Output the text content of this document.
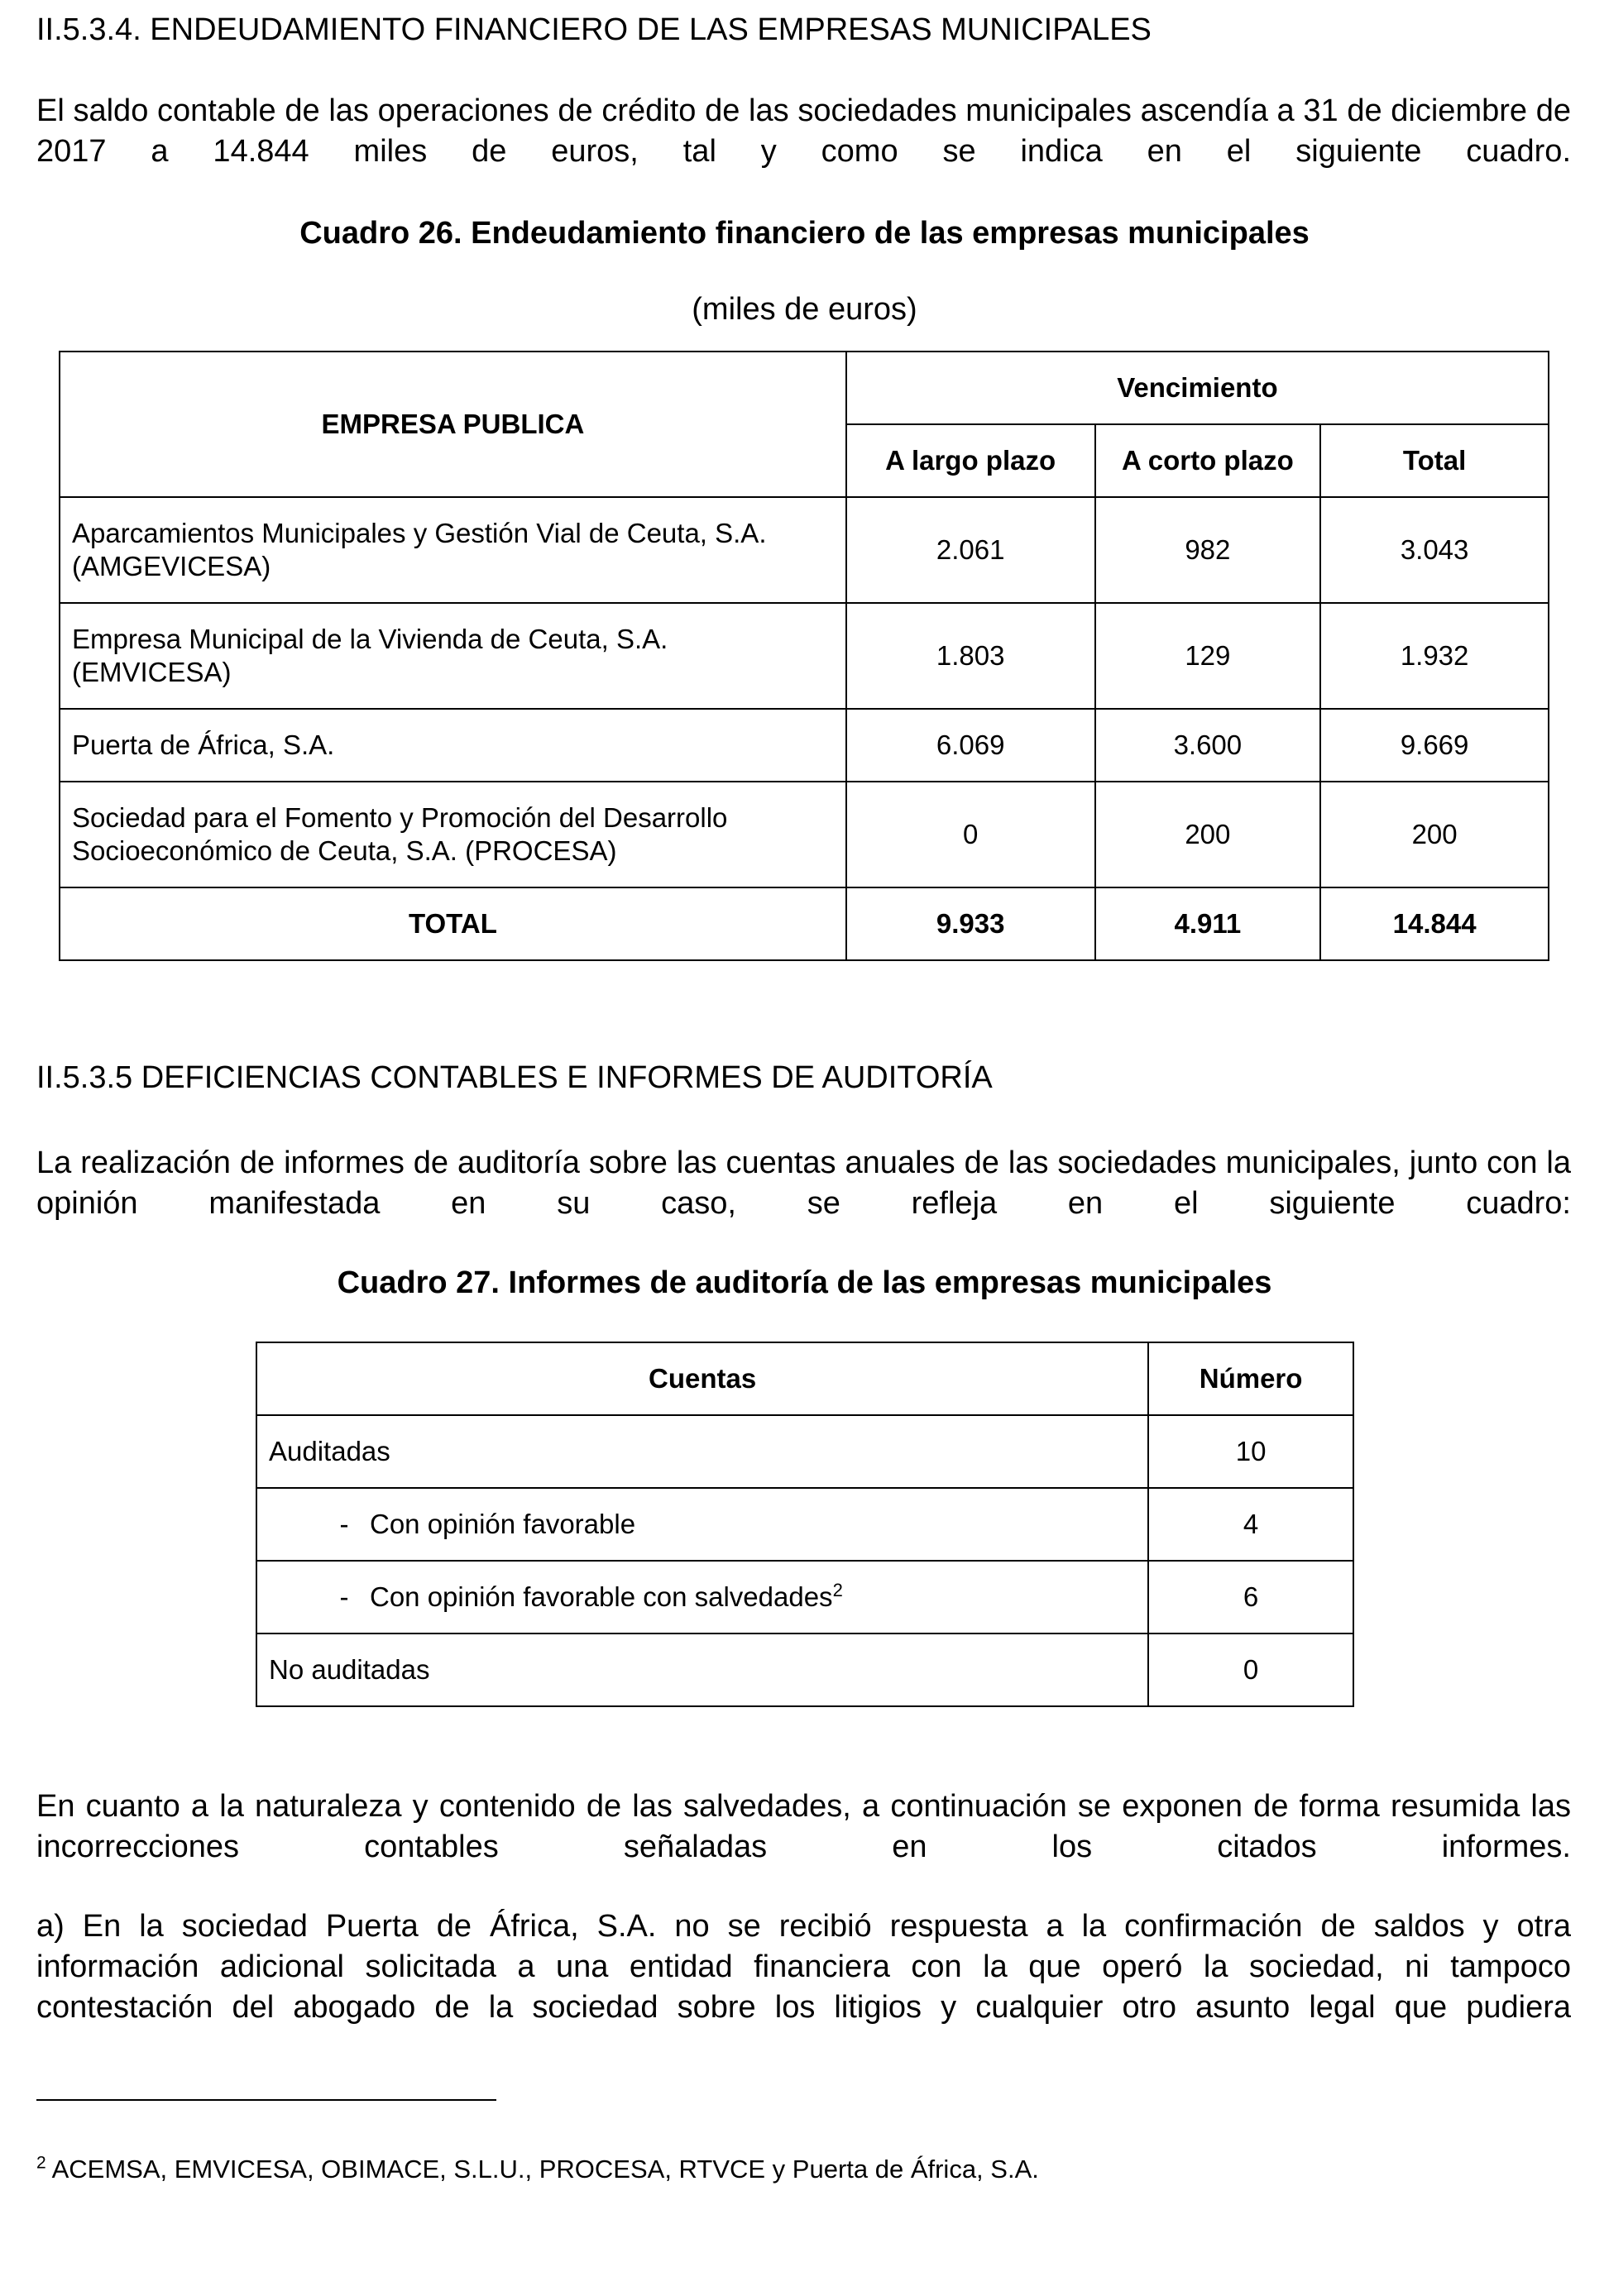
II.5.3.4. ENDEUDAMIENTO FINANCIERO DE LAS EMPRESAS MUNICIPALES
El saldo contable de las operaciones de crédito de las sociedades municipales ascendía a 31 de diciembre de 2017 a 14.844 miles de euros, tal y como se indica en el siguiente cuadro.
Cuadro 26. Endeudamiento financiero de las empresas municipales
(miles de euros)
EMPRESA PUBLICA	Vencimiento		
	A largo plazo	A corto plazo	Total
Aparcamientos Municipales y Gestión Vial de Ceuta, S.A.
(AMGEVICESA)	2.061	982	3.043
Empresa Municipal de la Vivienda de Ceuta, S.A.
(EMVICESA)	1.803	129	1.932
Puerta de África, S.A.	6.069	3.600	9.669
Sociedad para el Fomento y Promoción del Desarrollo
Socioeconómico de Ceuta, S.A. (PROCESA)	0	200	200
TOTAL	9.933	4.911	14.844
II.5.3.5 DEFICIENCIAS CONTABLES E INFORMES DE AUDITORÍA
La realización de informes de auditoría sobre las cuentas anuales de las sociedades municipales, junto con la opinión manifestada en su caso, se refleja en el siguiente cuadro:
Cuadro 27. Informes de auditoría de las empresas municipales
Cuentas	Número
Auditadas	10
- Con opinión favorable	4
- Con opinión favorable con salvedades$^2$	6
No auditadas	0
En cuanto a la naturaleza y contenido de las salvedades, a continuación se exponen de forma resumida las incorrecciones contables señaladas en los citados informes.
a) En la sociedad Puerta de África, S.A. no se recibió respuesta a la confirmación de saldos y otra información adicional solicitada a una entidad financiera con la que operó la sociedad, ni tampoco contestación del abogado de la sociedad sobre los litigios y cualquier otro asunto legal que pudiera
$^2$ ACEMSA, EMVICESA, OBIMACE, S.L.U., PROCESA, RTVCE y Puerta de África, S.A.
